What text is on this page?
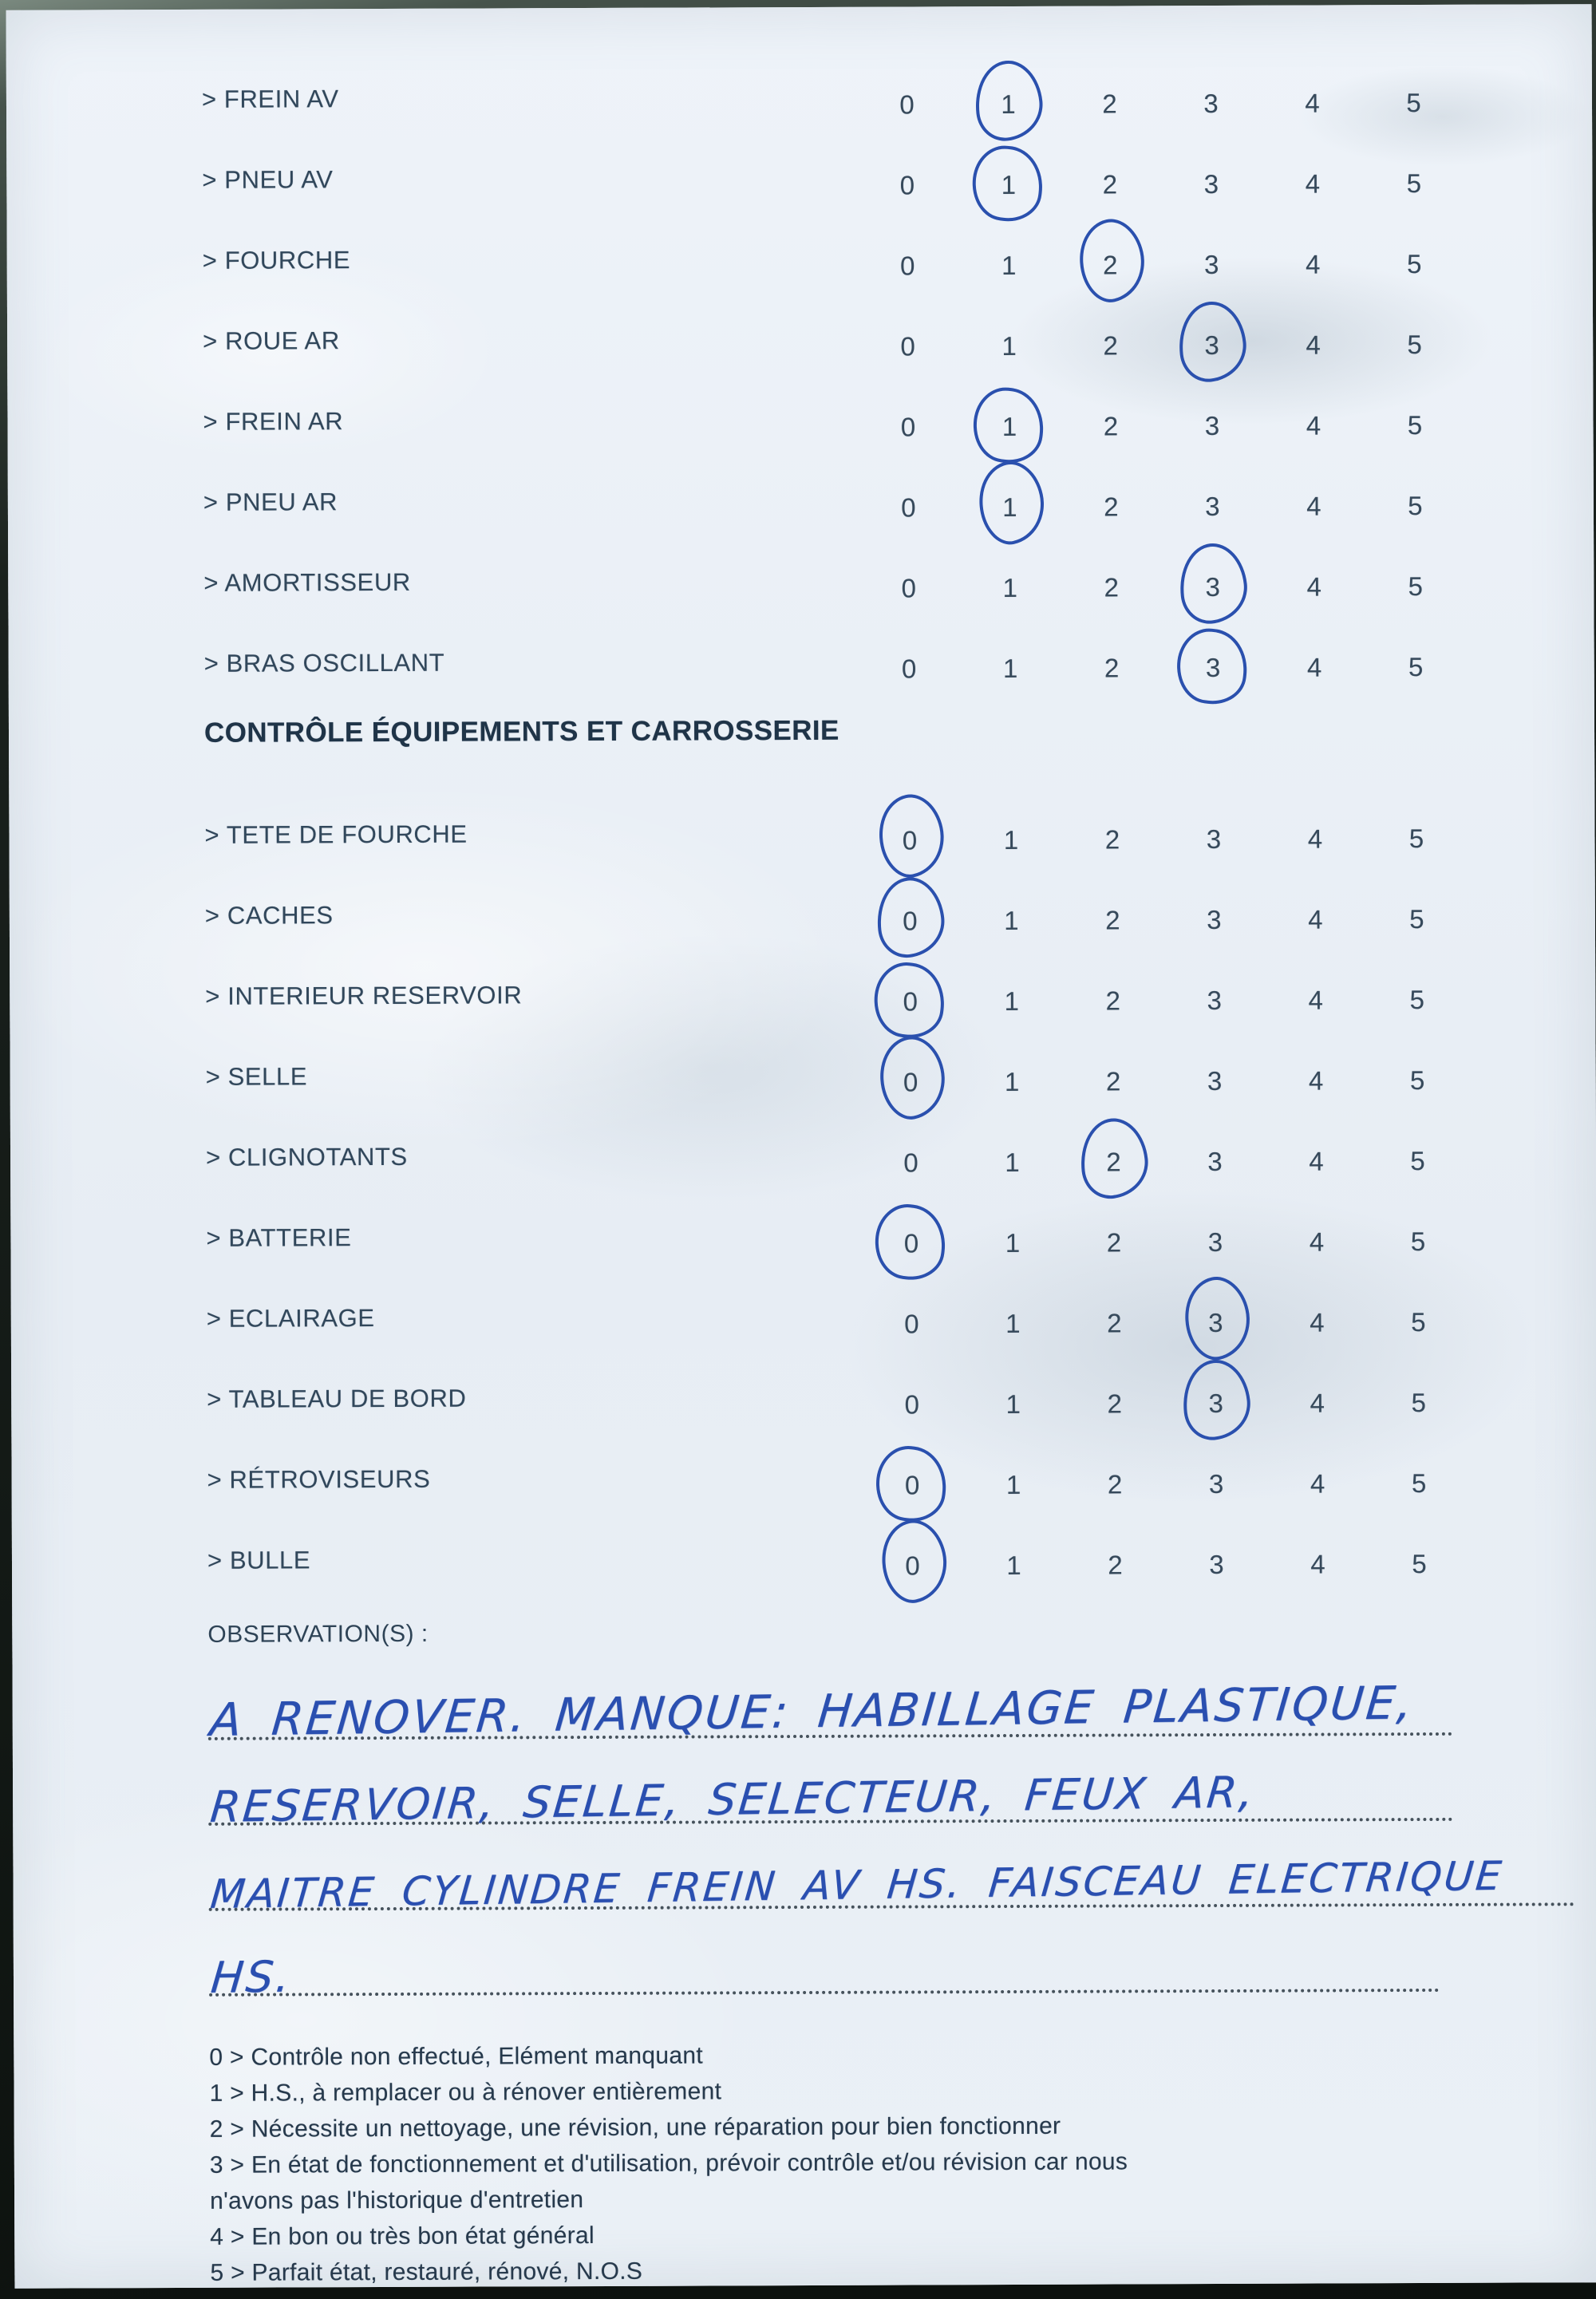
> FREIN AV	0	1	2	3	4	5
> PNEU AV	0	1	2	3	4	5
> FOURCHE	0	1	2	3	4	5
> ROUE AR	0	1	2	3	4	5
> FREIN AR	0	1	2	3	4	5
> PNEU AR	0	1	2	3	4	5
> AMORTISSEUR	0	1	2	3	4	5
> BRAS OSCILLANT	0	1	2	3	4	5
CONTRÔLE ÉQUIPEMENTS ET CARROSSERIE
> TETE DE FOURCHE	0	1	2	3	4	5
> CACHES	0	1	2	3	4	5
> INTERIEUR RESERVOIR	0	1	2	3	4	5
> SELLE	0	1	2	3	4	5
> CLIGNOTANTS	0	1	2	3	4	5
> BATTERIE	0	1	2	3	4	5
> ECLAIRAGE	0	1	2	3	4	5
> TABLEAU DE BORD	0	1	2	3	4	5
> RÉTROVISEURS	0	1	2	3	4	5
> BULLE	0	1	2	3	4	5
OBSERVATION(S) :
A RENOVER. MANQUE: HABILLAGE PLASTIQUE,
RESERVOIR, SELLE, SELECTEUR, FEUX AR,
MAITRE CYLINDRE FREIN AV HS. FAISCEAU ELECTRIQUE
HS.
0 > Contrôle non effectué, Elément manquant
1 > H.S., à remplacer ou à rénover entièrement
2 > Nécessite un nettoyage, une révision, une réparation pour bien fonctionner
3 > En état de fonctionnement et d'utilisation, prévoir contrôle et/ou révision car nous
n'avons pas l'historique d'entretien
4 > En bon ou très bon état général
5 > Parfait état, restauré, rénové, N.O.S
